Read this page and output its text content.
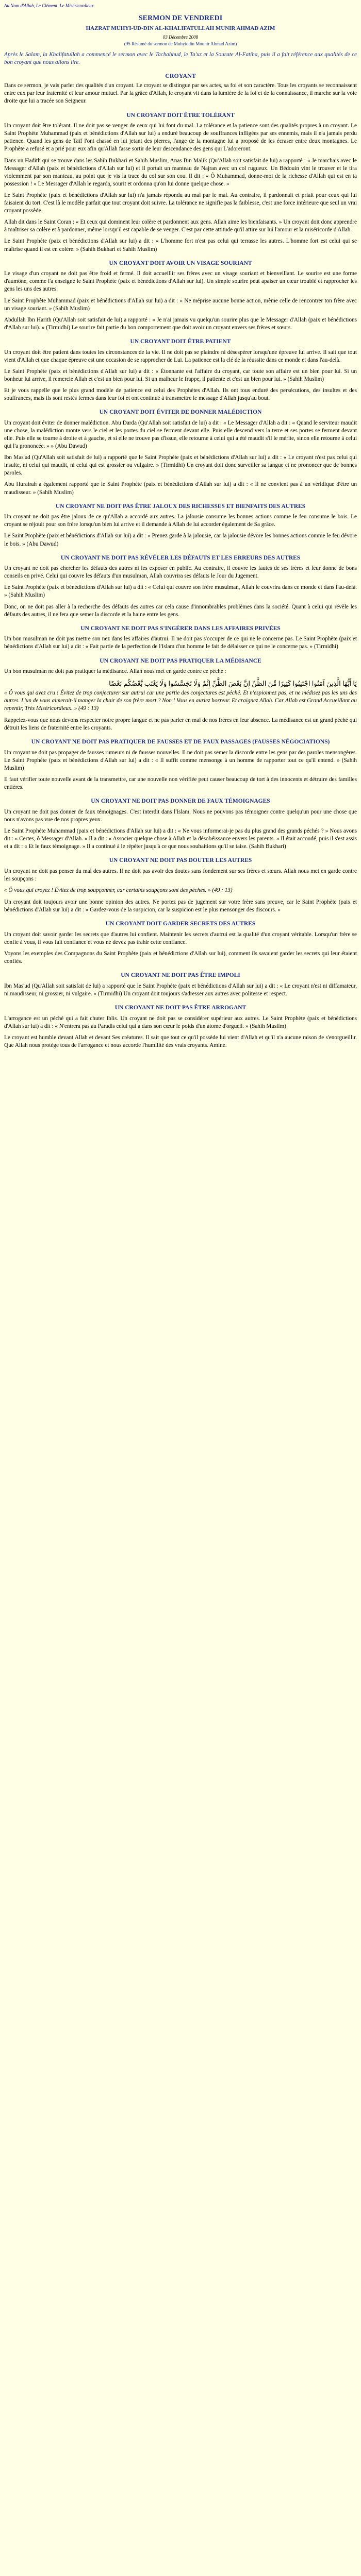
Au Nom d'Allah, Le Clément, Le Miséricordieux
SERMON DE VENDREDI
HAZRAT MUHYI-UD-DIN AL-KHALIFATULLAH MUNIR AHMAD AZIM
03 Décembre 2008
(95 Résumé du sermon de Muhyiddin Mounir Ahmad Azim)
Après le Salam, la Khalifatullah a commencé le sermon avec le Tachahhud, le Ta'uz et la Sourate Al-Fatiha, puis il a fait référence aux qualités de ce bon croyant que nous allons lire.
CROYANT

Dans ce sermon, je vais parler des qualités d'un croyant. Le croyant se distingue par ses actes, sa foi et son caractère. Tous les croyants se reconnaissent entre eux par leur fraternité et leur amour mutuel. Par la grâce d'Allah, le croyant vit dans la lumière de la foi et de la connaissance, il marche sur la voie droite que lui a tracée son Seigneur.

UN CROYANT DOIT ÊTRE TOLÉRANT

Un croyant doit être tolérant. Il ne doit pas se venger de ceux qui lui font du mal. La tolérance et la patience sont des qualités propres à un croyant. Le Saint Prophète Muhammad (paix et bénédictions d'Allah sur lui) a enduré beaucoup de souffrances infligées par ses ennemis, mais il n'a jamais perdu patience. Quand les gens de Taïf l'ont chassé en lui jetant des pierres, l'ange de la montagne lui a proposé de les écraser entre deux montagnes. Le Prophète a refusé et a prié pour eux afin qu'Allah fasse sortir de leur descendance des gens qui L'adoreront.

Dans un Hadith qui se trouve dans les Sahih Bukhari et Sahih Muslim, Anas Bin Malik (Qu'Allah soit satisfait de lui) a rapporté : « Je marchais avec le Messager d'Allah (paix et bénédictions d'Allah sur lui) et il portait un manteau de Najran avec un col rugueux. Un Bédouin vint le trouver et le tira violemment par son manteau, au point que je vis la trace du col sur son cou. Il dit : « Ô Muhammad, donne-moi de la richesse d'Allah qui est en ta possession ! » Le Messager d'Allah le regarda, sourit et ordonna qu'on lui donne quelque chose. »

Le Saint Prophète (paix et bénédictions d'Allah sur lui) n'a jamais répondu au mal par le mal. Au contraire, il pardonnait et priait pour ceux qui lui faisaient du tort. C'est là le modèle parfait que tout croyant doit suivre. La tolérance ne signifie pas la faiblesse, c'est une force intérieure que seul un vrai croyant possède.

Allah dit dans le Saint Coran : « Et ceux qui dominent leur colère et pardonnent aux gens. Allah aime les bienfaisants. » Un croyant doit donc apprendre à maîtriser sa colère et à pardonner, même lorsqu'il est capable de se venger. C'est par cette attitude qu'il attire sur lui l'amour et la miséricorde d'Allah.

Le Saint Prophète (paix et bénédictions d'Allah sur lui) a dit : « L'homme fort n'est pas celui qui terrasse les autres. L'homme fort est celui qui se maîtrise quand il est en colère. » (Sahih Bukhari et Sahih Muslim)

UN CROYANT DOIT AVOIR UN VISAGE SOURIANT

Le visage d'un croyant ne doit pas être froid et fermé. Il doit accueillir ses frères avec un visage souriant et bienveillant. Le sourire est une forme d'aumône, comme l'a enseigné le Saint Prophète (paix et bénédictions d'Allah sur lui). Un simple sourire peut apaiser un cœur troublé et rapprocher les gens les uns des autres.

Le Saint Prophète Muhammad (paix et bénédictions d'Allah sur lui) a dit : « Ne méprise aucune bonne action, même celle de rencontrer ton frère avec un visage souriant. » (Sahih Muslim)

Abdullah Ibn Harith (Qu'Allah soit satisfait de lui) a rapporté : « Je n'ai jamais vu quelqu'un sourire plus que le Messager d'Allah (paix et bénédictions d'Allah sur lui). » (Tirmidhi) Le sourire fait partie du bon comportement que doit avoir un croyant envers ses frères et sœurs.

UN CROYANT DOIT ÊTRE PATIENT

Un croyant doit être patient dans toutes les circonstances de la vie. Il ne doit pas se plaindre ni désespérer lorsqu'une épreuve lui arrive. Il sait que tout vient d'Allah et que chaque épreuve est une occasion de se rapprocher de Lui. La patience est la clé de la réussite dans ce monde et dans l'au-delà.

Le Saint Prophète (paix et bénédictions d'Allah sur lui) a dit : « Étonnante est l'affaire du croyant, car toute son affaire est un bien pour lui. Si un bonheur lui arrive, il remercie Allah et c'est un bien pour lui. Si un malheur le frappe, il patiente et c'est un bien pour lui. » (Sahih Muslim)

Et je vous rappelle que le plus grand modèle de patience est celui des Prophètes d'Allah. Ils ont tous enduré des persécutions, des insultes et des souffrances, mais ils sont restés fermes dans leur foi et ont continué à transmettre le message d'Allah jusqu'au bout.

UN CROYANT DOIT ÉVITER DE DONNER MALÉDICTION

Un croyant doit éviter de donner malédiction. Abu Darda (Qu'Allah soit satisfait de lui) a dit : « Le Messager d'Allah a dit : « Quand le serviteur maudit une chose, la malédiction monte vers le ciel et les portes du ciel se ferment devant elle. Puis elle descend vers la terre et ses portes se ferment devant elle. Puis elle se tourne à droite et à gauche, et si elle ne trouve pas d'issue, elle retourne à celui qui a été maudit s'il le mérite, sinon elle retourne à celui qui l'a prononcée. » » (Abu Dawud)

Ibn Mas'ud (Qu'Allah soit satisfait de lui) a rapporté que le Saint Prophète (paix et bénédictions d'Allah sur lui) a dit : « Le croyant n'est pas celui qui insulte, ni celui qui maudit, ni celui qui est grossier ou vulgaire. » (Tirmidhi) Un croyant doit donc surveiller sa langue et ne prononcer que de bonnes paroles.

Abu Hurairah a également rapporté que le Saint Prophète (paix et bénédictions d'Allah sur lui) a dit : « Il ne convient pas à un véridique d'être un maudisseur. » (Sahih Muslim)

UN CROYANT NE DOIT PAS ÊTRE JALOUX DES RICHESSES ET BIENFAITS DES AUTRES

Un croyant ne doit pas être jaloux de ce qu'Allah a accordé aux autres. La jalousie consume les bonnes actions comme le feu consume le bois. Le croyant se réjouit pour son frère lorsqu'un bien lui arrive et il demande à Allah de lui accorder également de Sa grâce.

Le Saint Prophète (paix et bénédictions d'Allah sur lui) a dit : « Prenez garde à la jalousie, car la jalousie dévore les bonnes actions comme le feu dévore le bois. » (Abu Dawud)

UN CROYANT NE DOIT PAS RÉVÉLER LES DÉFAUTS ET LES ERREURS DES AUTRES

Un croyant ne doit pas chercher les défauts des autres ni les exposer en public. Au contraire, il couvre les fautes de ses frères et leur donne de bons conseils en privé. Celui qui couvre les défauts d'un musulman, Allah couvrira ses défauts le Jour du Jugement.

Le Saint Prophète (paix et bénédictions d'Allah sur lui) a dit : « Celui qui couvre son frère musulman, Allah le couvrira dans ce monde et dans l'au-delà. » (Sahih Muslim)

Donc, on ne doit pas aller à la recherche des défauts des autres car cela cause d'innombrables problèmes dans la société. Quant à celui qui révèle les défauts des autres, il ne fera que semer la discorde et la haine entre les gens.

UN CROYANT NE DOIT PAS S'INGÉRER DANS LES AFFAIRES PRIVÉES

Un bon musulman ne doit pas mettre son nez dans les affaires d'autrui. Il ne doit pas s'occuper de ce qui ne le concerne pas. Le Saint Prophète (paix et bénédictions d'Allah sur lui) a dit : « Fait partie de la perfection de l'Islam d'un homme le fait de délaisser ce qui ne le concerne pas. » (Tirmidhi)

UN CROYANT NE DOIT PAS PRATIQUER LA MÉDISANCE

Un bon musulman ne doit pas pratiquer la médisance. Allah nous met en garde contre ce péché :

يَا أَيُّهَا الَّذِينَ آمَنُوا اجْتَنِبُوا كَثِيرًا مِّنَ الظَّنِّ إِنَّ بَعْضَ الظَّنِّ إِثْمٌ وَلَا تَجَسَّسُوا وَلَا يَغْتَب بَّعْضُكُم بَعْضًا
« Ô vous qui avez cru ! Évitez de trop conjecturer sur autrui car une partie des conjectures est péché. Et n'espionnez pas, et ne médisez pas les uns des autres. L'un de vous aimerait-il manger la chair de son frère mort ? Non ! Vous en auriez horreur. Et craignez Allah. Car Allah est Grand Accueillant au repentir, Très Miséricordieux. » (49 : 13)

Rappelez-vous que nous devons respecter notre propre langue et ne pas parler en mal de nos frères en leur absence. La médisance est un grand péché qui détruit les liens de fraternité entre les croyants.

UN CROYANT NE DOIT PAS PRATIQUER DE FAUSSES ET DE FAUX PASSAGES (FAUSSES NÉGOCIATIONS)

Un croyant ne doit pas propager de fausses rumeurs ni de fausses nouvelles. Il ne doit pas semer la discorde entre les gens par des paroles mensongères. Le Saint Prophète (paix et bénédictions d'Allah sur lui) a dit : « Il suffit comme mensonge à un homme de rapporter tout ce qu'il entend. » (Sahih Muslim)

Il faut vérifier toute nouvelle avant de la transmettre, car une nouvelle non vérifiée peut causer beaucoup de tort à des innocents et détruire des familles entières.

UN CROYANT NE DOIT PAS DONNER DE FAUX TÉMOIGNAGES

Un croyant ne doit pas donner de faux témoignages. C'est interdit dans l'Islam. Nous ne pouvons pas témoigner contre quelqu'un pour une chose que nous n'avons pas vue de nos propres yeux.

Le Saint Prophète Muhammad (paix et bénédictions d'Allah sur lui) a dit : « Ne vous informerai-je pas du plus grand des grands péchés ? » Nous avons dit : « Certes, ô Messager d'Allah. » Il a dit : « Associer quelque chose à Allah et la désobéissance envers les parents. » Il était accoudé, puis il s'est assis et a dit : « Et le faux témoignage. » Il a continué à le répéter jusqu'à ce que nous souhaitions qu'il se taise. (Sahih Bukhari)

UN CROYANT NE DOIT PAS DOUTER LES AUTRES

Un croyant ne doit pas penser du mal des autres. Il ne doit pas avoir des doutes sans fondement sur ses frères et sœurs. Allah nous met en garde contre les soupçons :

« Ô vous qui croyez ! Évitez de trop soupçonner, car certains soupçons sont des péchés. » (49 : 13)

Un croyant doit toujours avoir une bonne opinion des autres. Ne portez pas de jugement sur votre frère sans preuve, car le Saint Prophète (paix et bénédictions d'Allah sur lui) a dit : « Gardez-vous de la suspicion, car la suspicion est le plus mensonger des discours. »

UN CROYANT DOIT GARDER SECRETS DES AUTRES

Un croyant doit savoir garder les secrets que d'autres lui confient. Maintenir les secrets d'autrui est la qualité d'un croyant véritable. Lorsqu'un frère se confie à vous, il vous fait confiance et vous ne devez pas trahir cette confiance.

Voyons les exemples des Compagnons du Saint Prophète (paix et bénédictions d'Allah sur lui), comment ils savaient garder les secrets qui leur étaient confiés.

UN CROYANT NE DOIT PAS ÊTRE IMPOLI

Ibn Mas'ud (Qu'Allah soit satisfait de lui) a rapporté que le Saint Prophète (paix et bénédictions d'Allah sur lui) a dit : « Le croyant n'est ni diffamateur, ni maudisseur, ni grossier, ni vulgaire. » (Tirmidhi) Un croyant doit toujours s'adresser aux autres avec politesse et respect.

UN CROYANT NE DOIT PAS ÊTRE ARROGANT

L'arrogance est un péché qui a fait chuter Iblis. Un croyant ne doit pas se considérer supérieur aux autres. Le Saint Prophète (paix et bénédictions d'Allah sur lui) a dit : « N'entrera pas au Paradis celui qui a dans son cœur le poids d'un atome d'orgueil. » (Sahih Muslim)

Le croyant est humble devant Allah et devant Ses créatures. Il sait que tout ce qu'il possède lui vient d'Allah et qu'il n'a aucune raison de s'enorgueillir. Que Allah nous protège tous de l'arrogance et nous accorde l'humilité des vrais croyants. Amine.
